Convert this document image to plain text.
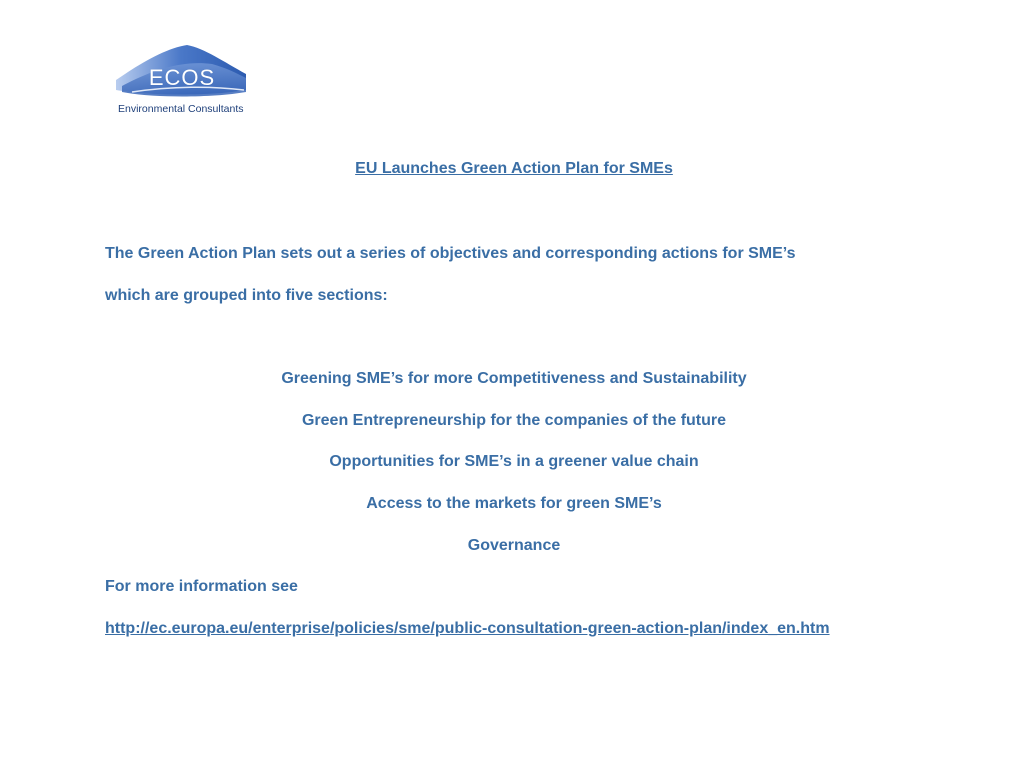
ECOS
Environmental Consultants
EU Launches Green Action Plan for SMEs
The Green Action Plan sets out a series of objectives and corresponding actions for SME’s
which are grouped into five sections:
Greening SME’s for more Competitiveness and Sustainability
Green Entrepreneurship for the companies of the future
Opportunities for SME’s in a greener value chain
Access to the markets for green SME’s
Governance
For more information see
http://ec.europa.eu/enterprise/policies/sme/public-consultation-green-action-plan/index_en.htm
